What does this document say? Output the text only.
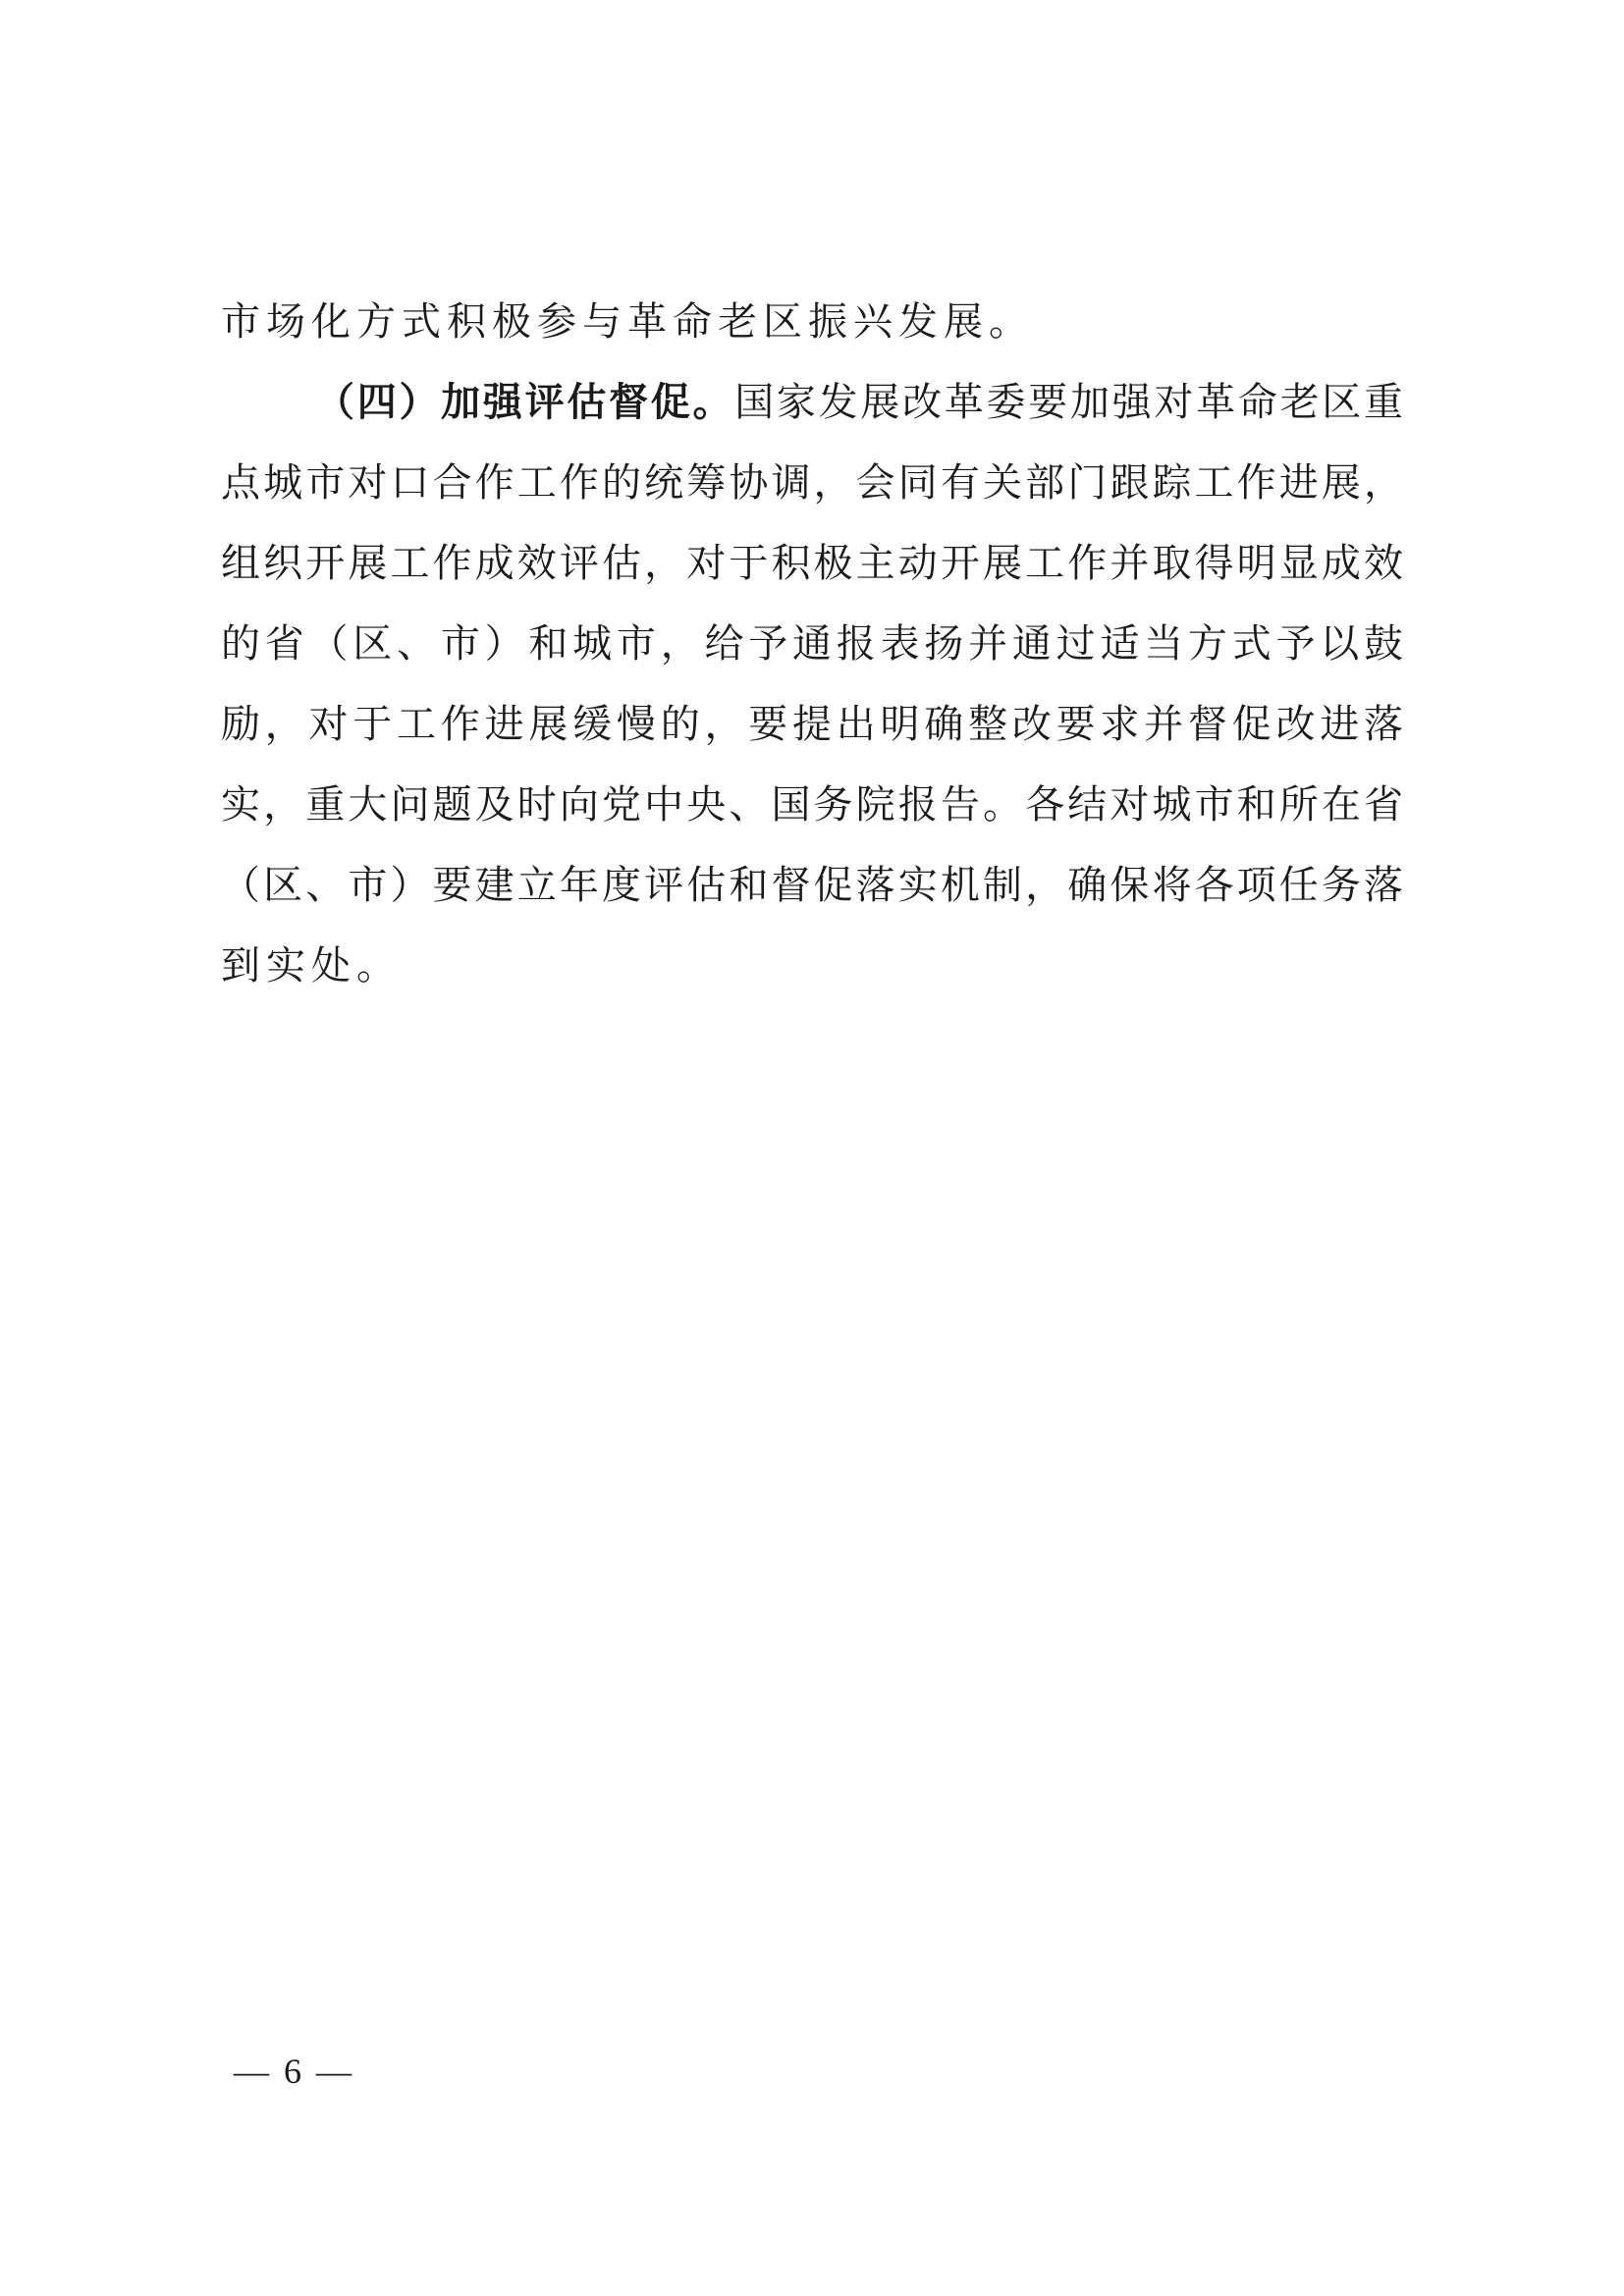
市场化方式积极参与革命老区振兴发展。
（四）加强评估督促。国家发展改革委要加强对革命老区重
点城市对口合作工作的统筹协调，会同有关部门跟踪工作进展，
组织开展工作成效评估，对于积极主动开展工作并取得明显成效
的省（区、市）和城市，给予通报表扬并通过适当方式予以鼓
励，对于工作进展缓慢的，要提出明确整改要求并督促改进落
实，重大问题及时向党中央、国务院报告。各结对城市和所在省
（区、市）要建立年度评估和督促落实机制，确保将各项任务落
到实处。
— 6 —
